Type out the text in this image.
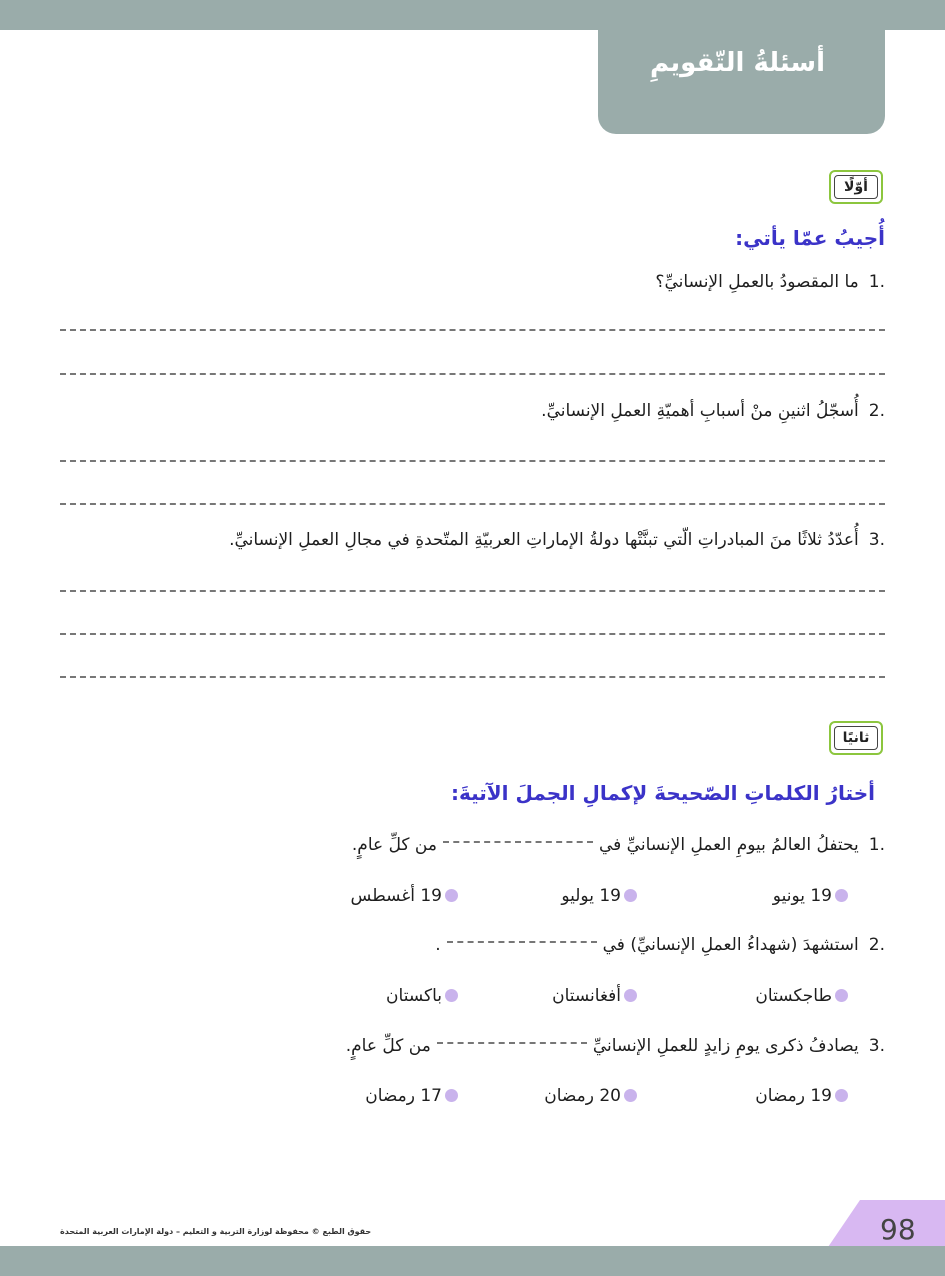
أسئلةُ التّقويمِ
أوّلًا
أُجيبُ عمّا يأتي:
1.ما المقصودُ بالعملِ الإنسانيِّ؟
2.أُسجّلُ اثنينِ منْ أسبابِ أهميّةِ العملِ الإنسانيِّ.
3.أُعدّدُ ثلاثًا منَ المبادراتِ الّتي تبنَّتْها دولةُ الإماراتِ العربيّةِ المتّحدةِ في مجالِ العملِ الإنسانيِّ.
ثانيًا
أختارُ الكلماتِ الصّحيحةَ لإكمالِ الجملَ الآتيةَ:
1.يحتفلُ العالمُ بيومِ العملِ الإنسانيِّ فيمن كلِّ عامٍ.
19 يونيو
19 يوليو
19 أغسطس
2.استشهدَ (شهداءُ العملِ الإنسانيِّ) في.
طاجكستان
أفغانستان
باكستان
3.يصادفُ ذكرى يومِ زايدٍ للعملِ الإنسانيِّمن كلِّ عامٍ.
19 رمضان
20 رمضان
17 رمضان
حقوق الطبع © محفوظة لوزارة التربية و التعليم – دولة الإمارات العربية المتحدة	98
